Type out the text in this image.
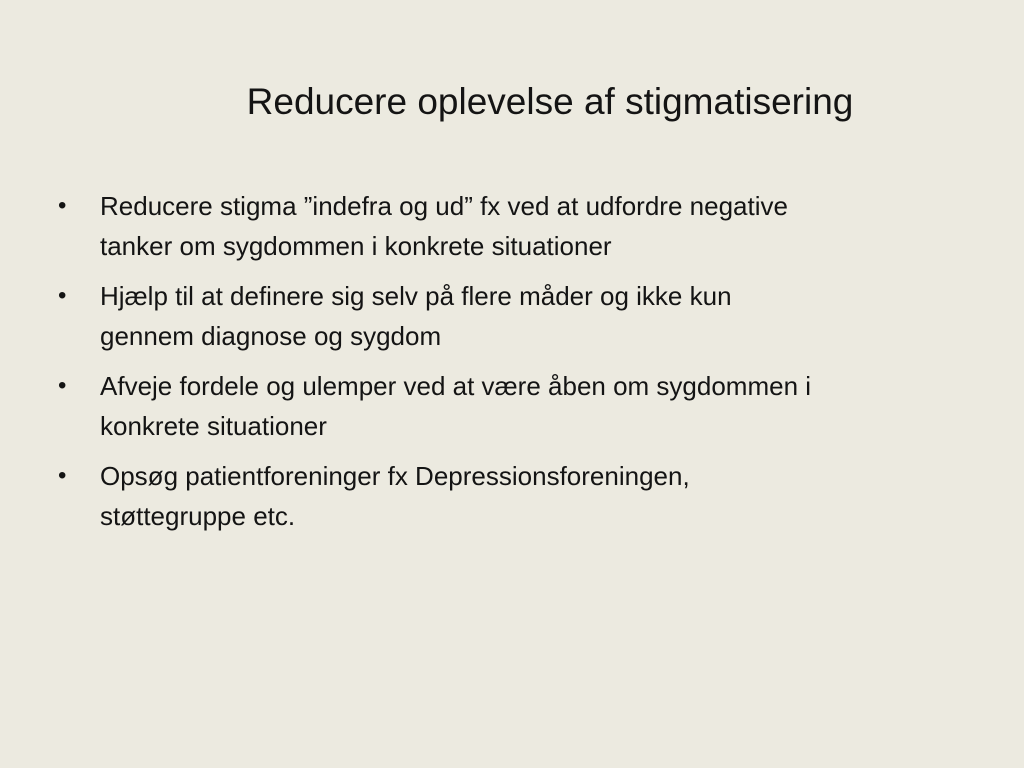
Reducere oplevelse af stigmatisering
•	Reducere stigma ”indefra og ud” fx ved at udfordre negative
tanker om sygdommen i konkrete situationer
•	Hjælp til at definere sig selv på flere måder og ikke kun
gennem diagnose og sygdom
•	Afveje fordele og ulemper ved at være åben om sygdommen i
konkrete situationer
•	Opsøg patientforeninger fx Depressionsforeningen,
støttegruppe etc.
